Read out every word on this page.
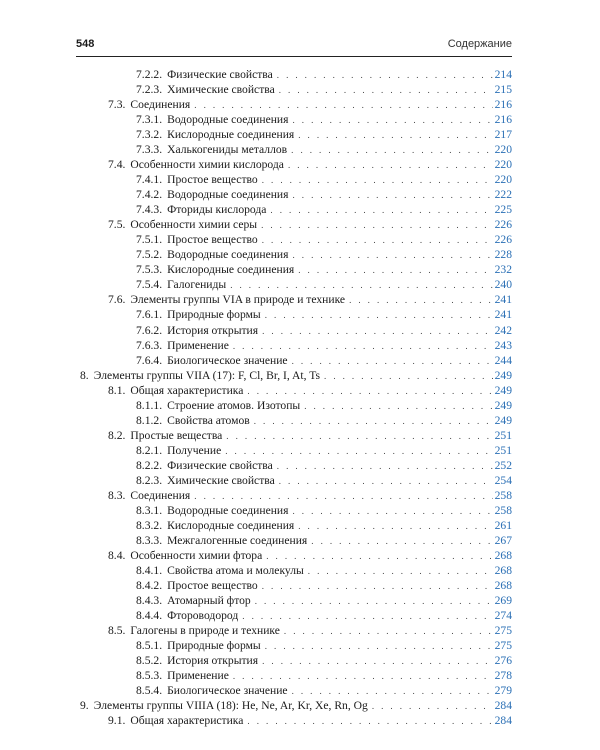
548	Содержание
7.2.2. Физические свойства . . .	214
7.2.3. Химические свойства . . .	215
7.3. Соединения . . .	216
7.3.1. Водородные соединения . . .	216
7.3.2. Кислородные соединения . . .	217
7.3.3. Халькогениды металлов . . .	220
7.4. Особенности химии кислорода . . .	220
7.4.1. Простое вещество . . .	220
7.4.2. Водородные соединения . . .	222
7.4.3. Фториды кислорода . . .	225
7.5. Особенности химии серы . . .	226
7.5.1. Простое вещество . . .	226
7.5.2. Водородные соединения . . .	228
7.5.3. Кислородные соединения . . .	232
7.5.4. Галогениды . . .	240
7.6. Элементы группы VIA в природе и технике . . .	241
7.6.1. Природные формы . . .	241
7.6.2. История открытия . . .	242
7.6.3. Применение . . .	243
7.6.4. Биологическое значение . . .	244
8. Элементы группы VIIA (17): F, Cl, Br, I, At, Ts . . .	249
8.1. Общая характеристика . . .	249
8.1.1. Строение атомов. Изотопы . . .	249
8.1.2. Свойства атомов . . .	249
8.2. Простые вещества . . .	251
8.2.1. Получение . . .	251
8.2.2. Физические свойства . . .	252
8.2.3. Химические свойства . . .	254
8.3. Соединения . . .	258
8.3.1. Водородные соединения . . .	258
8.3.2. Кислородные соединения . . .	261
8.3.3. Межгалогенные соединения . . .	267
8.4. Особенности химии фтора . . .	268
8.4.1. Свойства атома и молекулы . . .	268
8.4.2. Простое вещество . . .	268
8.4.3. Атомарный фтор . . .	269
8.4.4. Фтороводород . . .	274
8.5. Галогены в природе и технике . . .	275
8.5.1. Природные формы . . .	275
8.5.2. История открытия . . .	276
8.5.3. Применение . . .	278
8.5.4. Биологическое значение . . .	279
9. Элементы группы VIIIA (18): He, Ne, Ar, Kr, Xe, Rn, Og . . .	284
9.1. Общая характеристика . . .	284
